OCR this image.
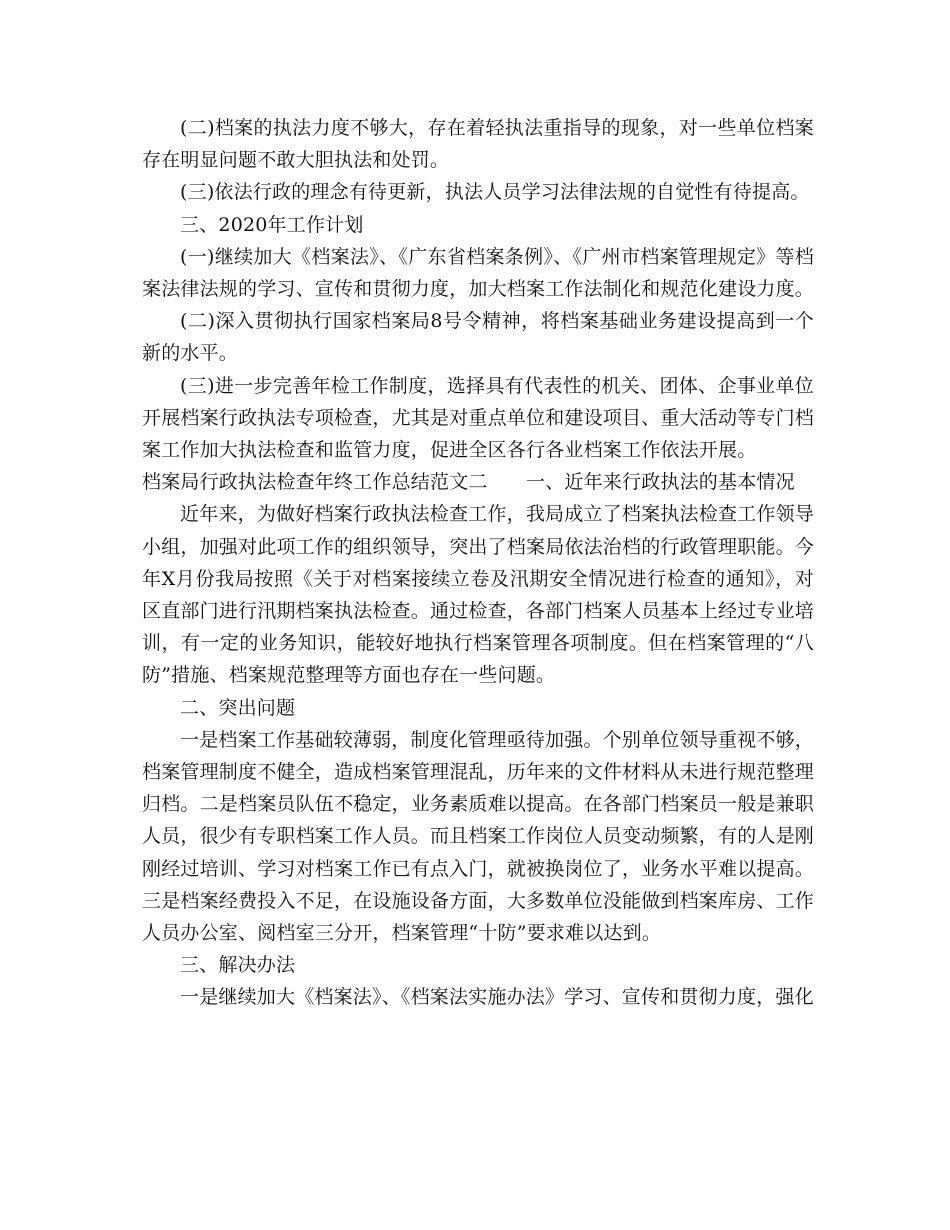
(二)档案的执法力度不够大，存在着轻执法重指导的现象，对一些单位档案存在明显问题不敢大胆执法和处罚。

(三)依法行政的理念有待更新，执法人员学习法律法规的自觉性有待提高。

三、2020年工作计划

(一)继续加大《档案法》、《广东省档案条例》、《广州市档案管理规定》等档案法律法规的学习、宣传和贯彻力度，加大档案工作法制化和规范化建设力度。

(二)深入贯彻执行国家档案局8号令精神，将档案基础业务建设提高到一个新的水平。

(三)进一步完善年检工作制度，选择具有代表性的机关、团体、企事业单位开展档案行政执法专项检查，尤其是对重点单位和建设项目、重大活动等专门档案工作加大执法检查和监管力度，促进全区各行各业档案工作依法开展。

档案局行政执法检查年终工作总结范文二　　一、近年来行政执法的基本情况

近年来，为做好档案行政执法检查工作，我局成立了档案执法检查工作领导小组，加强对此项工作的组织领导，突出了档案局依法治档的行政管理职能。今年X月份我局按照《关于对档案接续立卷及汛期安全情况进行检查的通知》，对区直部门进行汛期档案执法检查。通过检查，各部门档案人员基本上经过专业培训，有一定的业务知识，能较好地执行档案管理各项制度。但在档案管理的“八防”措施、档案规范整理等方面也存在一些问题。

二、突出问题

一是档案工作基础较薄弱，制度化管理亟待加强。个别单位领导重视不够，档案管理制度不健全，造成档案管理混乱，历年来的文件材料从未进行规范整理归档。二是档案员队伍不稳定，业务素质难以提高。在各部门档案员一般是兼职人员，很少有专职档案工作人员。而且档案工作岗位人员变动频繁，有的人是刚刚经过培训、学习对档案工作已有点入门，就被换岗位了，业务水平难以提高。三是档案经费投入不足，在设施设备方面，大多数单位没能做到档案库房、工作人员办公室、阅档室三分开，档案管理“十防”要求难以达到。

三、解决办法

一是继续加大《档案法》、《档案法实施办法》学习、宣传和贯彻力度，强化
